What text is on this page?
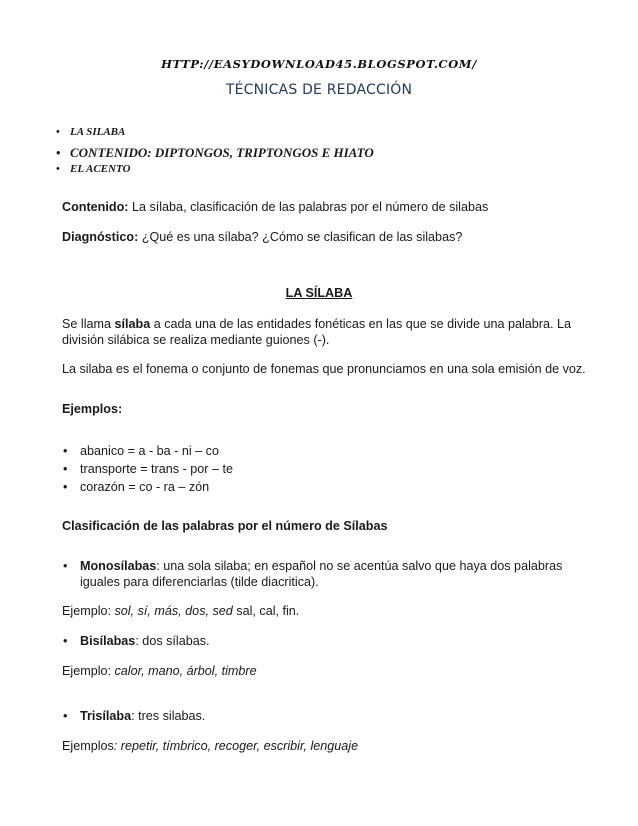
HTTP://EASYDOWNLOAD45.BLOGSPOT.COM/
TÉCNICAS DE REDACCIÓN
• LA SILABA
• CONTENIDO: DIPTONGOS, TRIPTONGOS E HIATO
• EL ACENTO
Contenido: La sílaba, clasificación de las palabras por el número de silabas
Diagnóstico: ¿Qué es una sílaba? ¿Cómo se clasifican de las silabas?
LA SÍLABA
Se llama sílaba a cada una de las entidades fonéticas en las que se divide una palabra. La división silábica se realiza mediante guiones (-).
La silaba es el fonema o conjunto de fonemas que pronunciamos en una sola emisión de voz.
Ejemplos:
• abanico = a - ba - ni – co
• transporte = trans - por – te
• corazón = co - ra – zón
Clasificación de las palabras por el número de Sílabas
• Monosílabas: una sola silaba; en español no se acentúa salvo que haya dos palabras iguales para diferenciarlas (tilde diacritica).
Ejemplo: sol, sí, más, dos, sed sal, cal, fin.
• Bisílabas: dos sílabas.
Ejemplo: calor, mano, árbol, timbre
• Trisílaba: tres silabas.
Ejemplos: repetir, tímbrico, recoger, escribir, lenguaje
